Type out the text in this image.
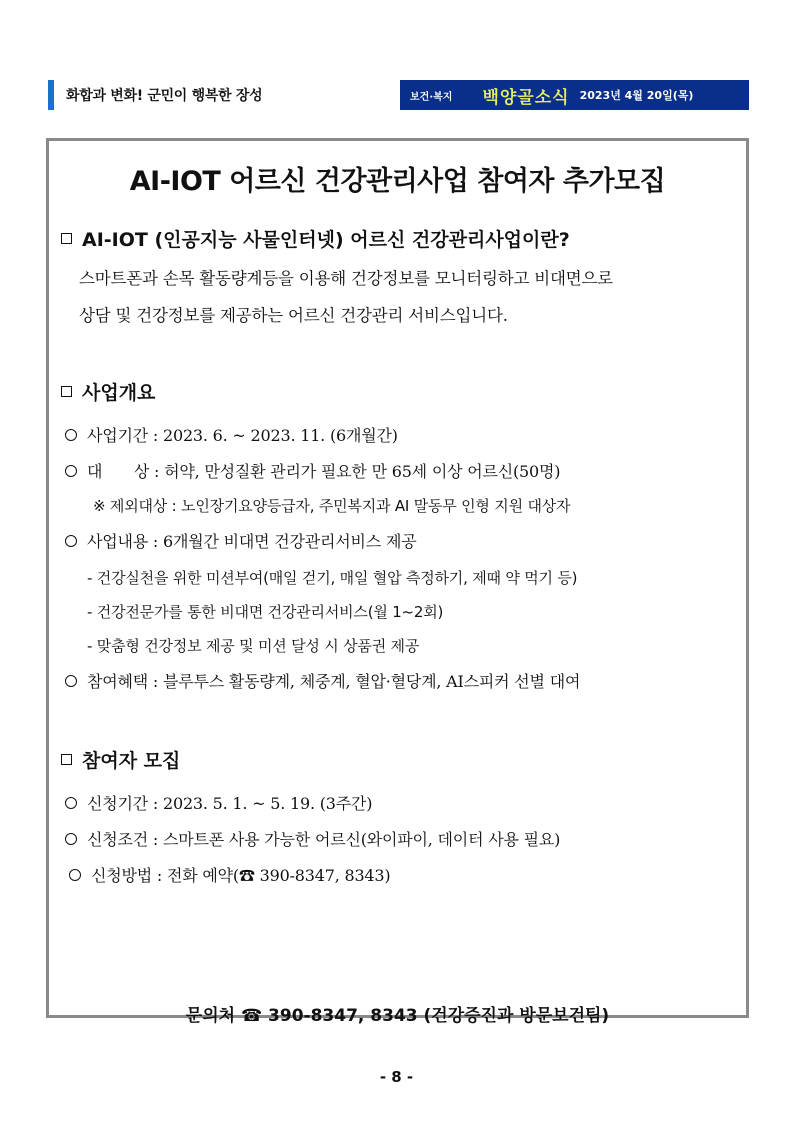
화합과 변화! 군민이 행복한 장성	보건·복지 백양골소식 2023년 4월 20일(목)
AI-IOT 어르신 건강관리사업 참여자 추가모집
AI-IOT (인공지능 사물인터넷) 어르신 건강관리사업이란?
스마트폰과 손목 활동량계등을 이용해 건강정보를 모니터링하고 비대면으로
상담 및 건강정보를 제공하는 어르신 건강관리 서비스입니다.
사업개요
사업기간 : 2023. 6. ~ 2023. 11. (6개월간)
대　　상 : 허약, 만성질환 관리가 필요한 만 65세 이상 어르신(50명)
※ 제외대상 : 노인장기요양등급자, 주민복지과 AI 말동무 인형 지원 대상자
사업내용 : 6개월간 비대면 건강관리서비스 제공
- 건강실천을 위한 미션부여(매일 걷기, 매일 혈압 측정하기, 제때 약 먹기 등)
- 건강전문가를 통한 비대면 건강관리서비스(월 1~2회)
- 맞춤형 건강정보 제공 및 미션 달성 시 상품권 제공
참여혜택 : 블루투스 활동량계, 체중계, 혈압·혈당계, AI스피커 선별 대여
참여자 모집
신청기간 : 2023. 5. 1. ~ 5. 19. (3주간)
신청조건 : 스마트폰 사용 가능한 어르신(와이파이, 데이터 사용 필요)
신청방법 : 전화 예약(☎ 390-8347, 8343)
문의처 ☎ 390-8347, 8343 (건강증진과 방문보건팀)
- 8 -
